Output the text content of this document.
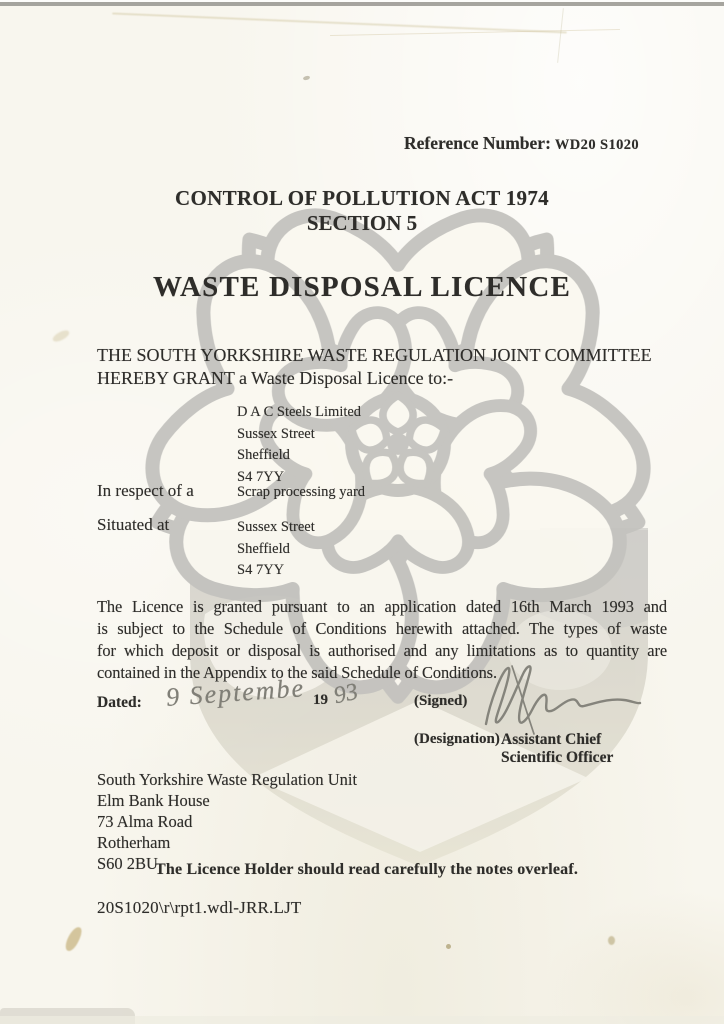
Reference Number: WD20 S1020
CONTROL OF POLLUTION ACT 1974
SECTION 5
WASTE DISPOSAL LICENCE
THE SOUTH YORKSHIRE WASTE REGULATION JOINT COMMITTEE
HEREBY GRANT a Waste Disposal Licence to:-
D A C Steels Limited
Sussex Street
Sheffield
S4 7YY
In respect of a	Scrap processing yard
Situated at	Sussex Street
Sheffield
S4 7YY
The Licence is granted pursuant to an application dated 16th March 1993 and
is subject to the Schedule of Conditions herewith attached. The types of waste
for which deposit or disposal is authorised and any limitations as to quantity are
contained in the Appendix to the said Schedule of Conditions.
Dated: 9 Septembe 19 93	(Signed)
(Designation) Assistant Chief
Scientific Officer
South Yorkshire Waste Regulation Unit
Elm Bank House
73 Alma Road
Rotherham
S60 2BU
The Licence Holder should read carefully the notes overleaf.
20S1020\r\rpt1.wdl-JRR.LJT
